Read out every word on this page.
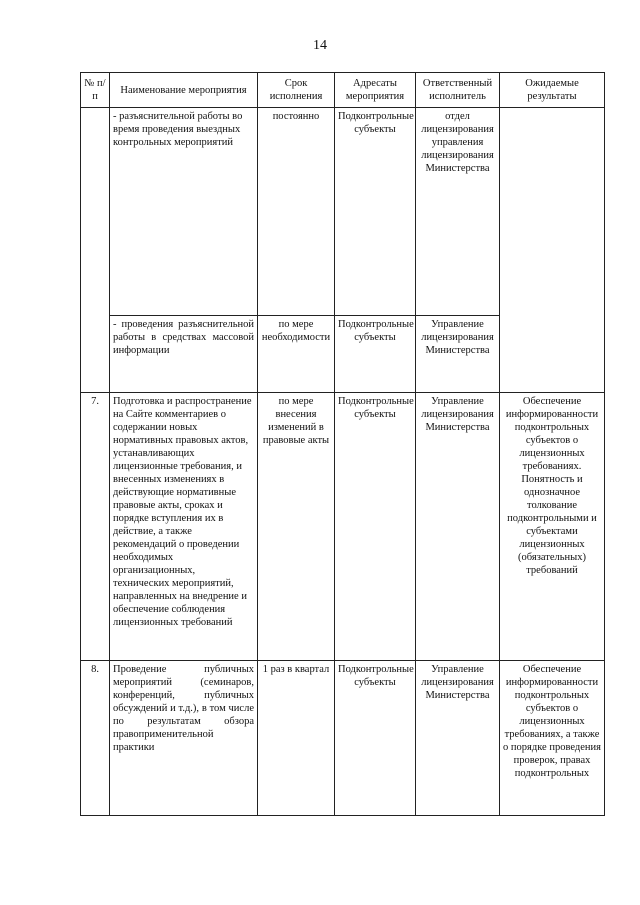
14
№ п/п	Наименование мероприятия	Срок исполнения	Адресаты мероприятия	Ответственный исполнитель	Ожидаемые результаты
	- разъяснительной работы во время проведения выездных контрольных мероприятий	постоянно	Подконтрольные субъекты	отдел лицензирования управления лицензирования Министерства	
	- проведения разъяснительной работы в средствах массовой информации	по мере необходимости	Подконтрольные субъекты	Управление лицензирования Министерства	
7.	Подготовка и распространение на Сайте комментариев о содержании новых нормативных правовых актов, устанавливающих лицензионные требования, и внесенных изменениях в действующие нормативные правовые акты, сроках и порядке вступления их в действие, а также рекомендаций о проведении необходимых организационных, технических мероприятий, направленных на внедрение и обеспечение соблюдения лицензионных требований	по мере внесения изменений в правовые акты	Подконтрольные субъекты	Управление лицензирования Министерства	Обеспечение информированности подконтрольных субъектов о лицензионных требованиях. Понятность и однозначное толкование подконтрольными и субъектами лицензионных (обязательных) требований
8.	Проведение публичных мероприятий (семинаров, конференций, публичных обсуждений и т.д.), в том числе по результатам обзора правоприменительной практики	1 раз в квартал	Подконтрольные субъекты	Управление лицензирования Министерства	Обеспечение информированности подконтрольных субъектов о лицензионных требованиях, а также о порядке проведения проверок, правах подконтрольных
